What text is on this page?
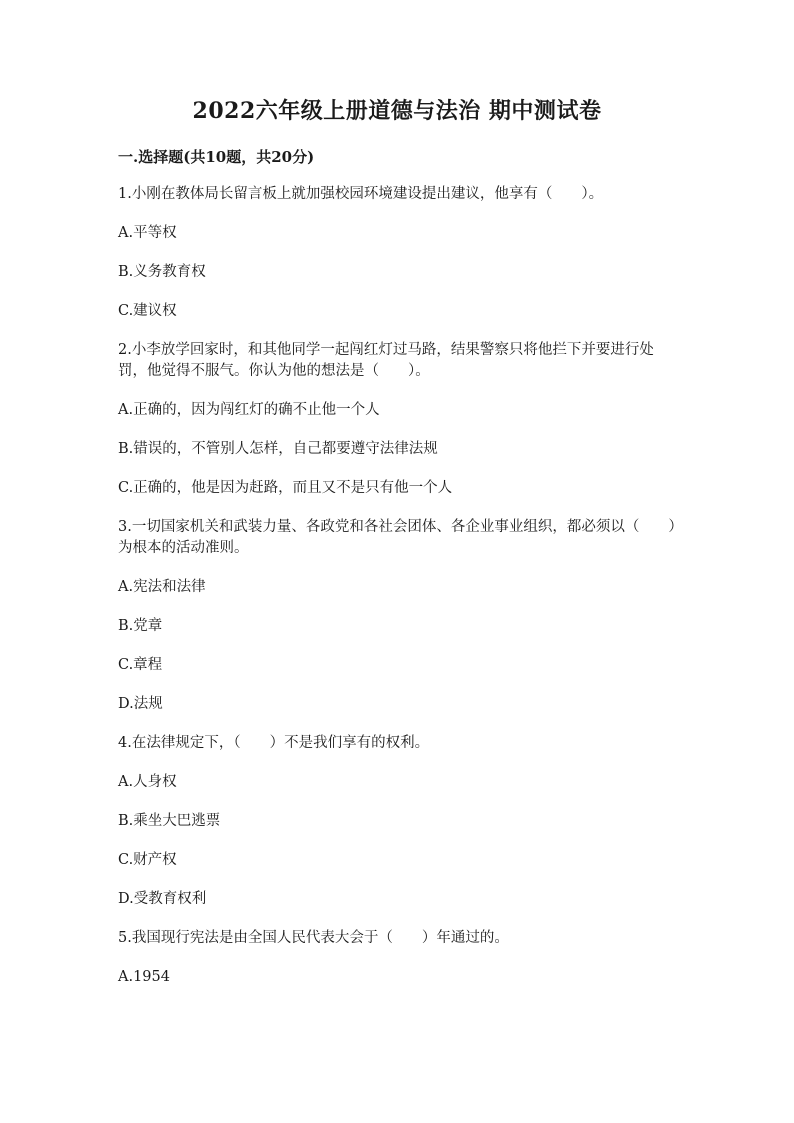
2022六年级上册道德与法治 期中测试卷
一.选择题(共10题，共20分)
1.小刚在教体局长留言板上就加强校园环境建设提出建议，他享有（　　）。
A.平等权
B.义务教育权
C.建议权
2.小李放学回家时，和其他同学一起闯红灯过马路，结果警察只将他拦下并要进行处罚，他觉得不服气。你认为他的想法是（　　）。
A.正确的，因为闯红灯的确不止他一个人
B.错误的，不管别人怎样，自己都要遵守法律法规
C.正确的，他是因为赶路，而且又不是只有他一个人
3.一切国家机关和武装力量、各政党和各社会团体、各企业事业组织，都必须以（　　）为根本的活动准则。
A.宪法和法律
B.党章
C.章程
D.法规
4.在法律规定下，（　　）不是我们享有的权利。
A.人身权
B.乘坐大巴逃票
C.财产权
D.受教育权利
5.我国现行宪法是由全国人民代表大会于（　　）年通过的。
A.1954
